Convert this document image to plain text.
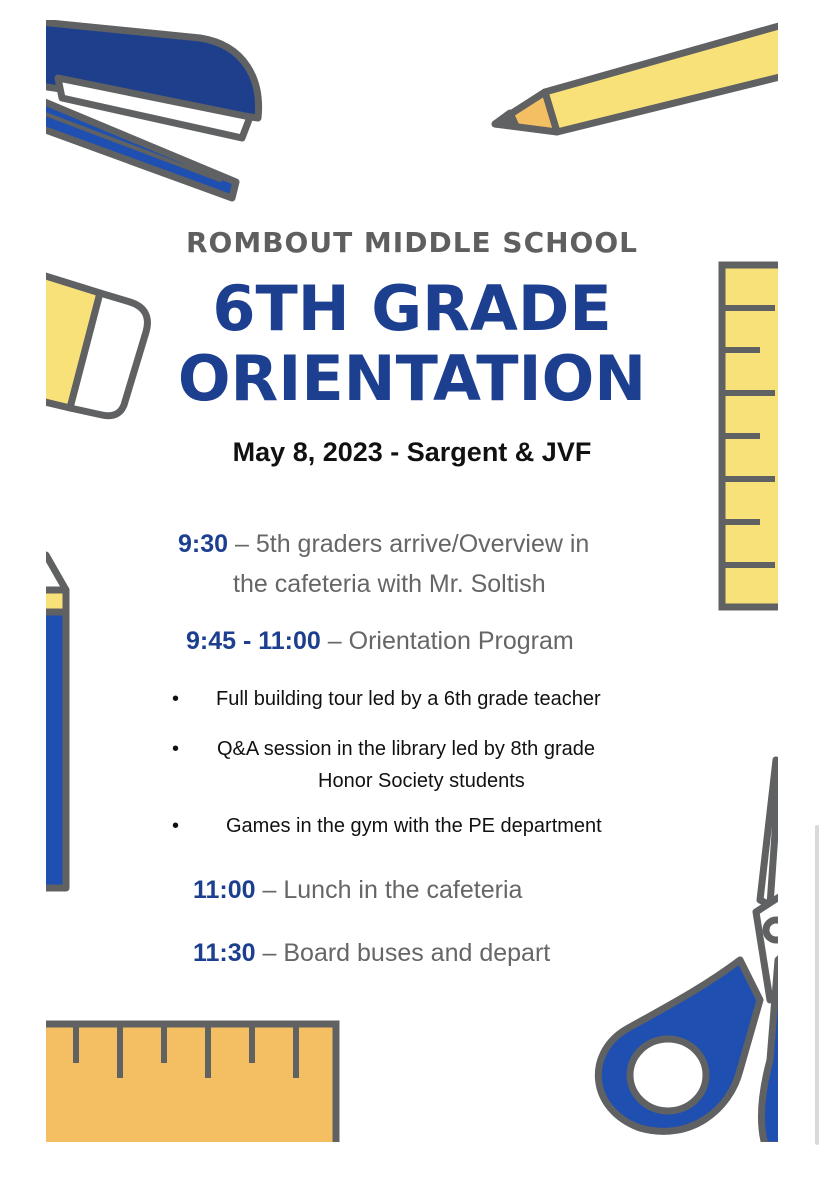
ROMBOUT MIDDLE SCHOOL
6TH GRADE
ORIENTATION
May 8, 2023 - Sargent & JVF
9:30 – 5th graders arrive/Overview in
the cafeteria with Mr. Soltish
9:45 - 11:00 – Orientation Program
• Full building tour led by a 6th grade teacher
• Q&A session in the library led by 8th grade
Honor Society students
• Games in the gym with the PE department
11:00 – Lunch in the cafeteria
11:30 – Board buses and depart
